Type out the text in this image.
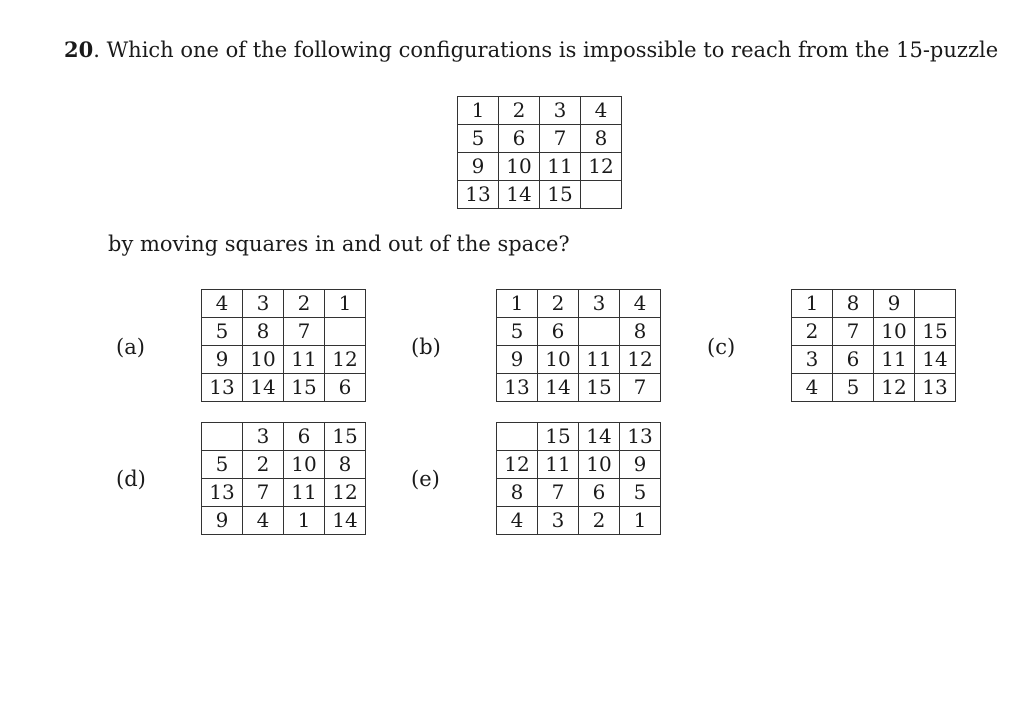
20. Which one of the following configurations is impossible to reach from the 15-puzzle
1	2	3	4
5	6	7	8
9	10	11	12
13	14	15	
by moving squares in and out of the space?
(a)
4	3	2	1
5	8	7	
9	10	11	12
13	14	15	6
(b)
1	2	3	4
5	6		8
9	10	11	12
13	14	15	7
(c)
1	8	9	
2	7	10	15
3	6	11	14
4	5	12	13
(d)
	3	6	15
5	2	10	8
13	7	11	12
9	4	1	14
(e)
	15	14	13
12	11	10	9
8	7	6	5
4	3	2	1
